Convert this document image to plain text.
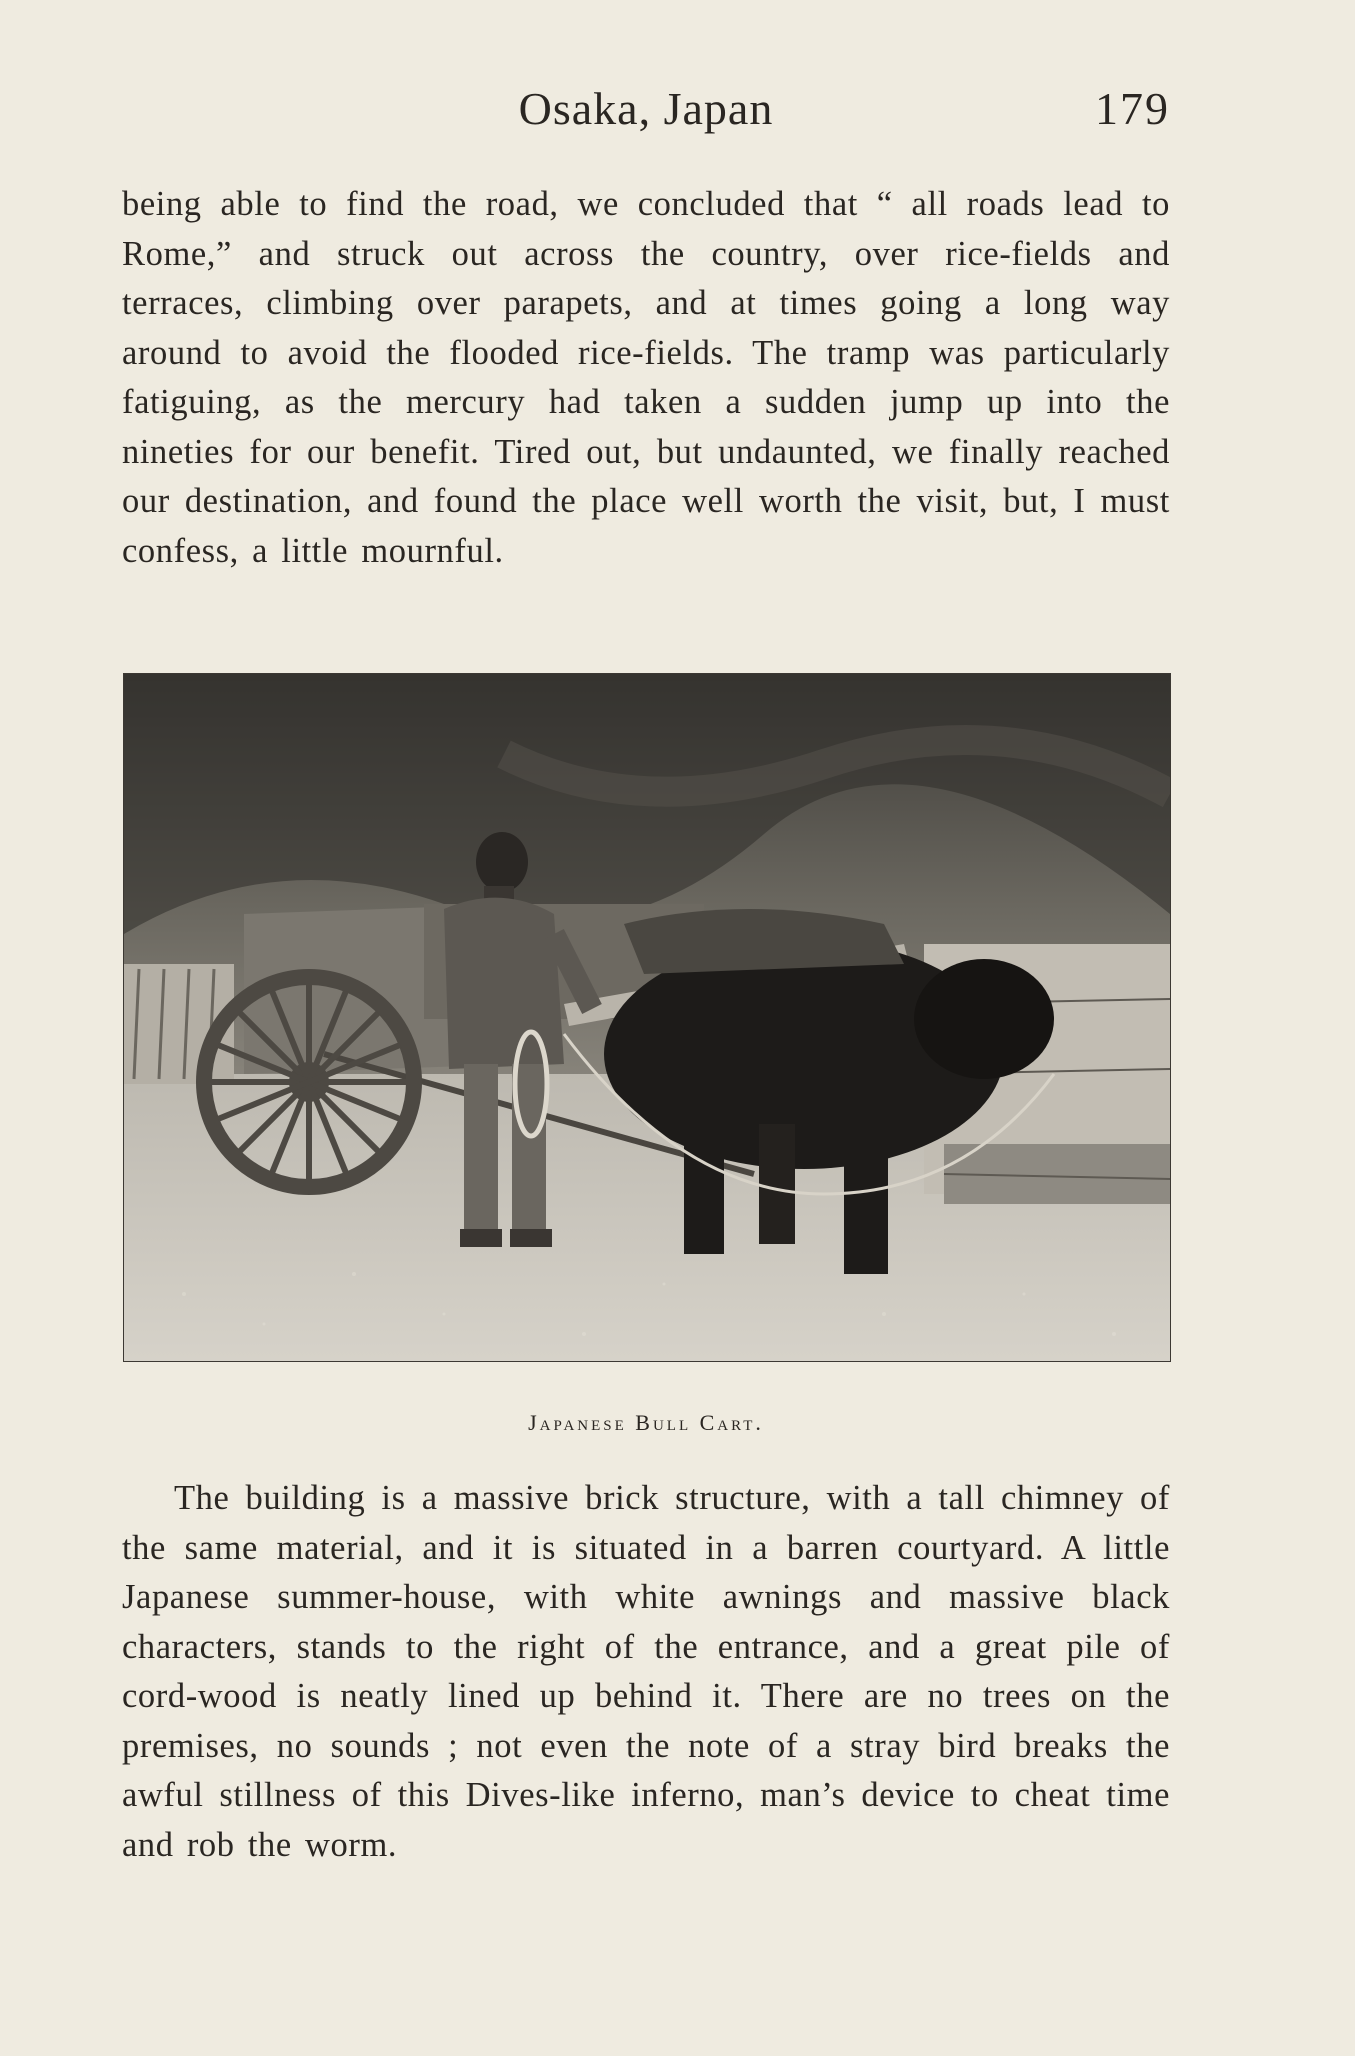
Osaka, Japan	179

being able to find the road, we concluded that “ all roads lead to Rome,” and struck out across the country, over rice-fields and terraces, climbing over parapets, and at times going a long way around to avoid the flooded rice-fields. The tramp was particularly fatiguing, as the mercury had taken a sudden jump up into the nineties for our benefit. Tired out, but undaunted, we finally reached our destination, and found the place well worth the visit, but, I must confess, a little mournful.

Japanese Bull Cart.

The building is a massive brick structure, with a tall chimney of the same material, and it is situated in a barren courtyard. A little Japanese summer-house, with white awnings and massive black characters, stands to the right of the entrance, and a great pile of cord-wood is neatly lined up behind it. There are no trees on the premises, no sounds ; not even the note of a stray bird breaks the awful stillness of this Dives-like inferno, man’s device to cheat time and rob the worm.
